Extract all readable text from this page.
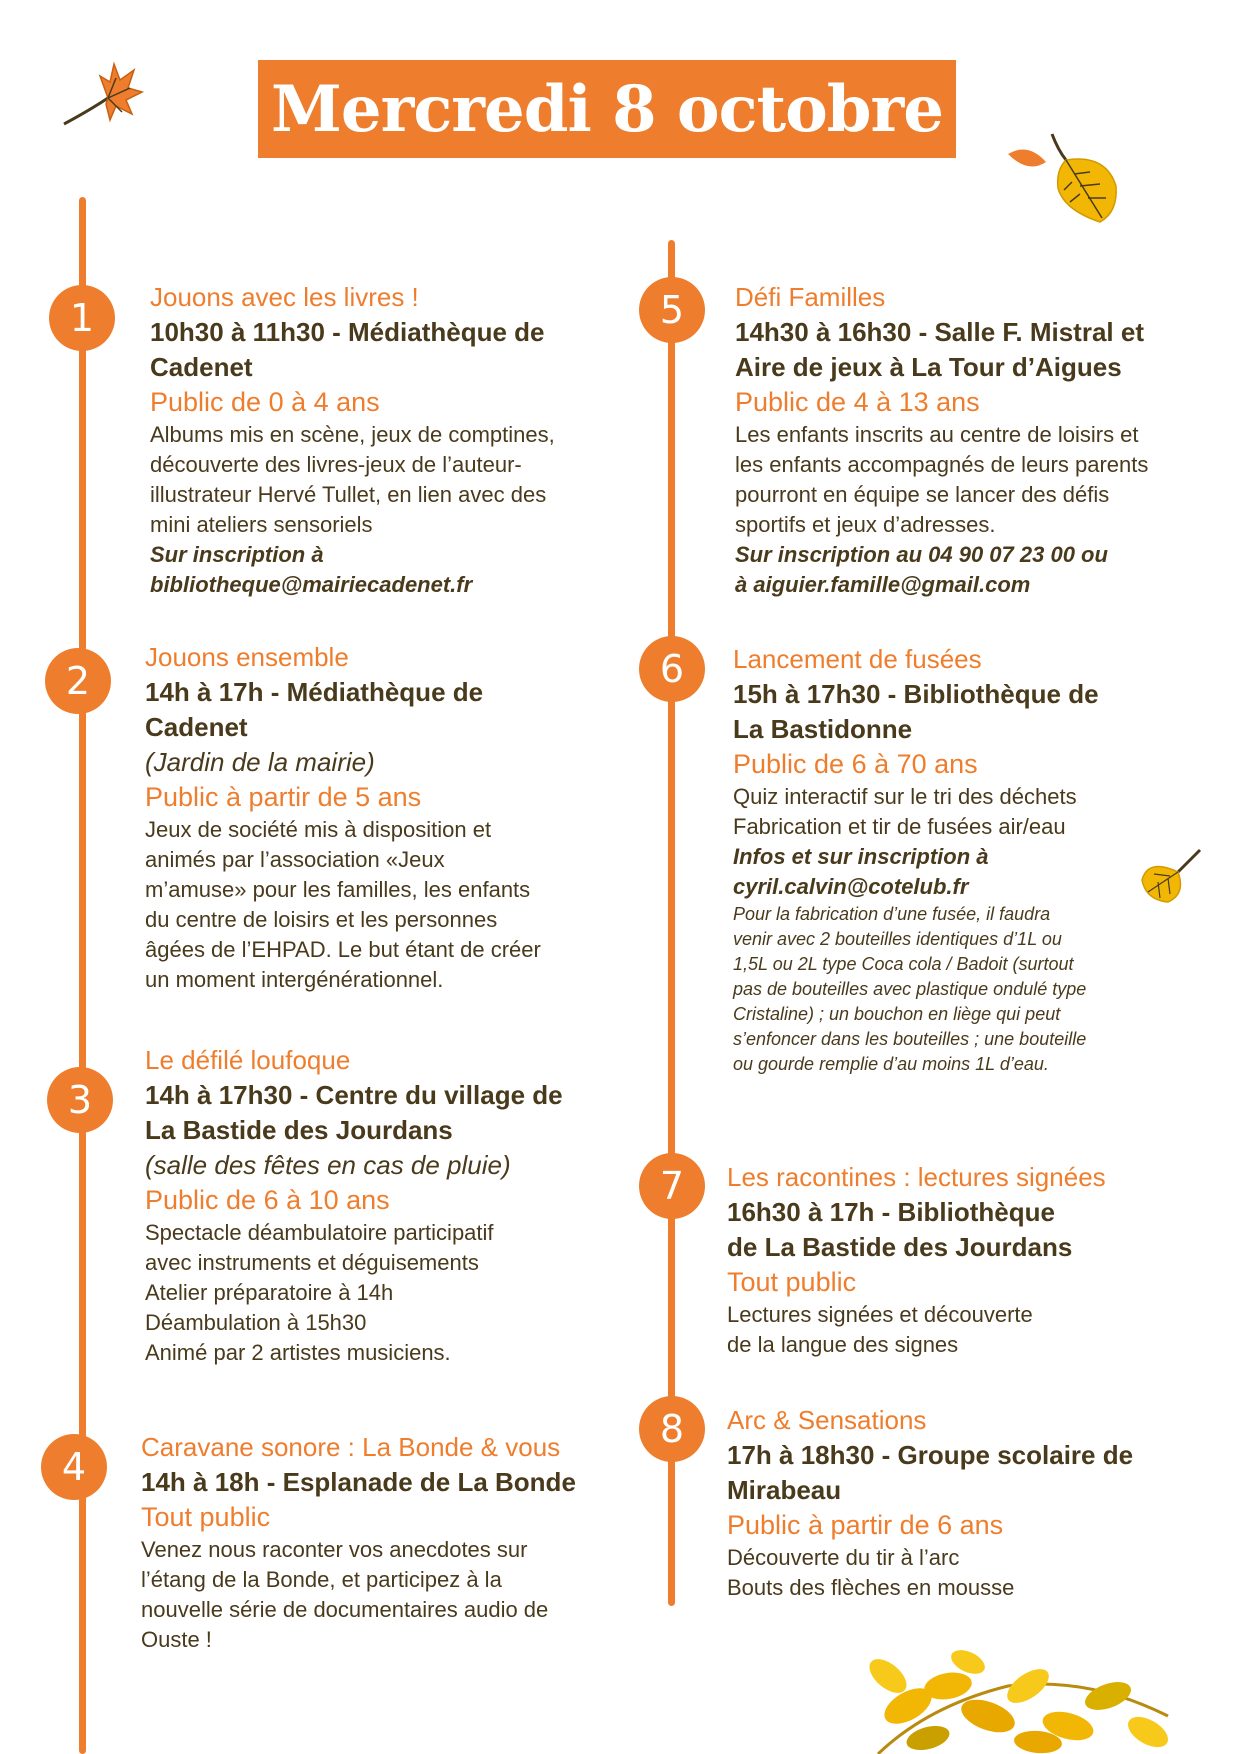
Mercredi 8 octobre
1
2
3
4
5
6
7
8
Jouons avec les livres !
10h30 à 11h30 - Médiathèque de
Cadenet
Public de 0 à 4 ans
Albums mis en scène, jeux de comptines,
découverte des livres-jeux de l’auteur-
illustrateur Hervé Tullet, en lien avec des
mini ateliers sensoriels
Sur inscription à
bibliotheque@mairiecadenet.fr
Jouons ensemble
14h à 17h - Médiathèque de
Cadenet
(Jardin de la mairie)
Public à partir de 5 ans
Jeux de société mis à disposition et
animés par l’association «Jeux
m’amuse» pour les familles, les enfants
du centre de loisirs et les personnes
âgées de l’EHPAD. Le but étant de créer
un moment intergénérationnel.
Le défilé loufoque
14h à 17h30 - Centre du village de
La Bastide des Jourdans
(salle des fêtes en cas de pluie)
Public de 6 à 10 ans
Spectacle déambulatoire participatif
avec instruments et déguisements
Atelier préparatoire à 14h
Déambulation à 15h30
Animé par 2 artistes musiciens.
Caravane sonore : La Bonde & vous
14h à 18h - Esplanade de La Bonde
Tout public
Venez nous raconter vos anecdotes sur
l’étang de la Bonde, et participez à la
nouvelle série de documentaires audio de
Ouste !
Défi Familles
14h30 à 16h30 - Salle F. Mistral et
Aire de jeux à La Tour d’Aigues
Public de 4 à 13 ans
Les enfants inscrits au centre de loisirs et
les enfants accompagnés de leurs parents
pourront en équipe se lancer des défis
sportifs et jeux d’adresses.
Sur inscription au 04 90 07 23 00 ou
à aiguier.famille@gmail.com
Lancement de fusées
15h à 17h30 - Bibliothèque de
La Bastidonne
Public de 6 à 70 ans
Quiz interactif sur le tri des déchets
Fabrication et tir de fusées air/eau
Infos et sur inscription à
cyril.calvin@cotelub.fr
Pour la fabrication d’une fusée, il faudra
venir avec 2 bouteilles identiques d’1L ou
1,5L ou 2L type Coca cola / Badoit (surtout
pas de bouteilles avec plastique ondulé type
Cristaline) ; un bouchon en liège qui peut
s’enfoncer dans les bouteilles ; une bouteille
ou gourde remplie d’au moins 1L d’eau.
Les racontines : lectures signées
16h30 à 17h - Bibliothèque
de La Bastide des Jourdans
Tout public
Lectures signées et découverte
de la langue des signes
Arc & Sensations
17h à 18h30 - Groupe scolaire de
Mirabeau
Public à partir de 6 ans
Découverte du tir à l’arc
Bouts des flèches en mousse
